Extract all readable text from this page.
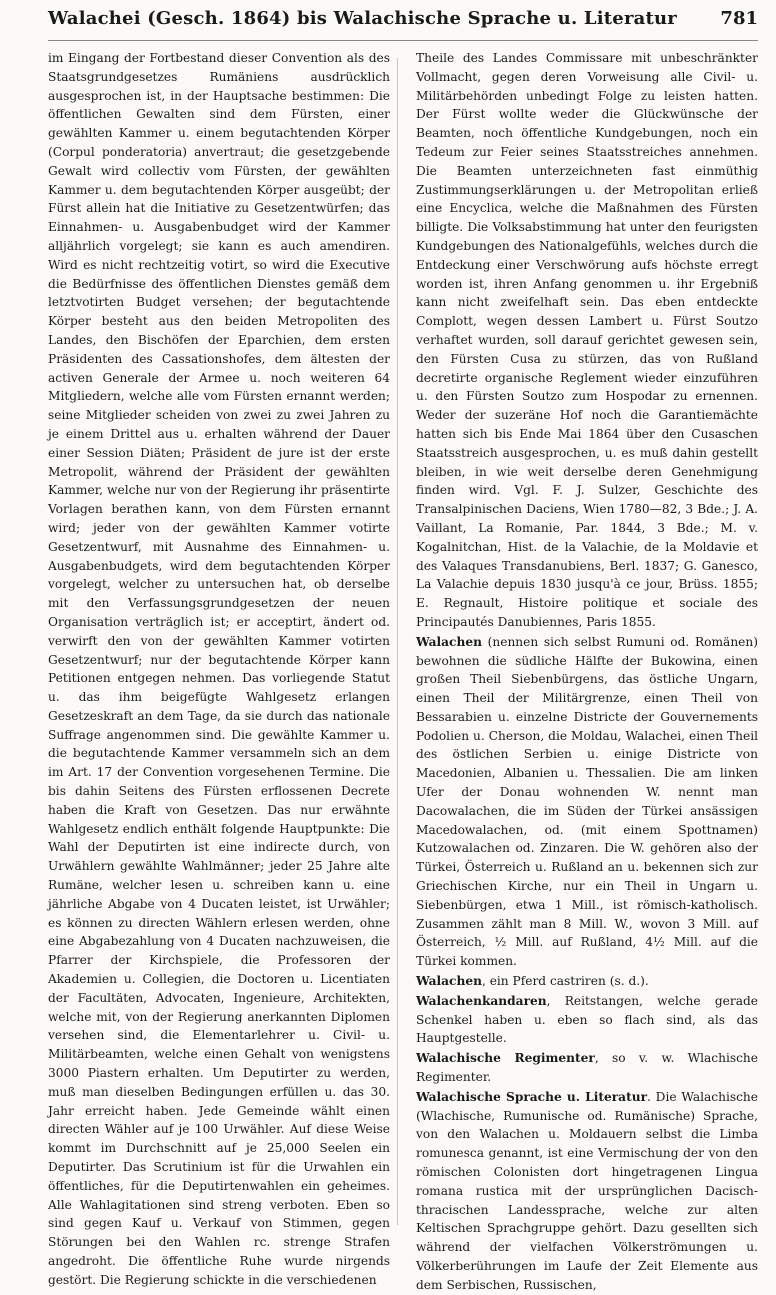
Walachei (Gesch. 1864) bis Walachische Sprache u. Literatur 781

im Eingang der Fortbestand dieser Convention als des Staatsgrundgesetzes Rumäniens ausdrücklich ausgesprochen ist, in der Hauptsache bestimmen: Die öffentlichen Gewalten sind dem Fürsten, einer gewählten Kammer u. einem begutachtenden Körper (Corpul ponderatoria) anvertraut; die gesetzgebende Gewalt wird collectiv vom Fürsten, der gewählten Kammer u. dem begutachtenden Körper ausgeübt; der Fürst allein hat die Initiative zu Gesetzentwürfen; das Einnahmen- u. Ausgabenbudget wird der Kammer alljährlich vorgelegt; sie kann es auch amendiren. Wird es nicht rechtzeitig votirt, so wird die Executive die Bedürfnisse des öffentlichen Dienstes gemäß dem letztvotirten Budget versehen; der begutachtende Körper besteht aus den beiden Metropoliten des Landes, den Bischöfen der Eparchien, dem ersten Präsidenten des Cassationshofes, dem ältesten der activen Generale der Armee u. noch weiteren 64 Mitgliedern, welche alle vom Fürsten ernannt werden; seine Mitglieder scheiden von zwei zu zwei Jahren zu je einem Drittel aus u. erhalten während der Dauer einer Session Diäten; Präsident de jure ist der erste Metropolit, während der Präsident der gewählten Kammer, welche nur von der Regierung ihr präsentirte Vorlagen berathen kann, von dem Fürsten ernannt wird; jeder von der gewählten Kammer votirte Gesetzentwurf, mit Ausnahme des Einnahmen- u. Ausgabenbudgets, wird dem begutachtenden Körper vorgelegt, welcher zu untersuchen hat, ob derselbe mit den Verfassungsgrundgesetzen der neuen Organisation verträglich ist; er acceptirt, ändert od. verwirft den von der gewählten Kammer votirten Gesetzentwurf; nur der begutachtende Körper kann Petitionen entgegen nehmen. Das vorliegende Statut u. das ihm beigefügte Wahlgesetz erlangen Gesetzeskraft an dem Tage, da sie durch das nationale Suffrage angenommen sind. Die gewählte Kammer u. die begutachtende Kammer versammeln sich an dem im Art. 17 der Convention vorgesehenen Termine. Die bis dahin Seitens des Fürsten erflossenen Decrete haben die Kraft von Gesetzen. Das nur erwähnte Wahlgesetz endlich enthält folgende Hauptpunkte: Die Wahl der Deputirten ist eine indirecte durch, von Urwählern gewählte Wahlmänner; jeder 25 Jahre alte Rumäne, welcher lesen u. schreiben kann u. eine jährliche Abgabe von 4 Ducaten leistet, ist Urwähler; es können zu directen Wählern erlesen werden, ohne eine Abgabezahlung von 4 Ducaten nachzuweisen, die Pfarrer der Kirchspiele, die Professoren der Akademien u. Collegien, die Doctoren u. Licentiaten der Facultäten, Advocaten, Ingenieure, Architekten, welche mit, von der Regierung anerkannten Diplomen versehen sind, die Elementarlehrer u. Civil- u. Militärbeamten, welche einen Gehalt von wenigstens 3000 Piastern erhalten. Um Deputirter zu werden, muß man dieselben Bedingungen erfüllen u. das 30. Jahr erreicht haben. Jede Gemeinde wählt einen directen Wähler auf je 100 Urwähler. Auf diese Weise kommt im Durchschnitt auf je 25,000 Seelen ein Deputirter. Das Scrutinium ist für die Urwahlen ein öffentliches, für die Deputirtenwahlen ein geheimes. Alle Wahlagitationen sind streng verboten. Eben so sind gegen Kauf u. Verkauf von Stimmen, gegen Störungen bei den Wahlen rc. strenge Strafen angedroht. Die öffentliche Ruhe wurde nirgends gestört. Die Regierung schickte in die verschiedenen

Theile des Landes Commissare mit unbeschränkter Vollmacht, gegen deren Vorweisung alle Civil- u. Militärbehörden unbedingt Folge zu leisten hatten. Der Fürst wollte weder die Glückwünsche der Beamten, noch öffentliche Kundgebungen, noch ein Tedeum zur Feier seines Staatsstreiches annehmen. Die Beamten unterzeichneten fast einmüthig Zustimmungserklärungen u. der Metropolitan erließ eine Encyclica, welche die Maßnahmen des Fürsten billigte. Die Volksabstimmung hat unter den feurigsten Kundgebungen des Nationalgefühls, welches durch die Entdeckung einer Verschwörung aufs höchste erregt worden ist, ihren Anfang genommen u. ihr Ergebniß kann nicht zweifelhaft sein. Das eben entdeckte Complott, wegen dessen Lambert u. Fürst Soutzo verhaftet wurden, soll darauf gerichtet gewesen sein, den Fürsten Cusa zu stürzen, das von Rußland decretirte organische Reglement wieder einzuführen u. den Fürsten Soutzo zum Hospodar zu ernennen. Weder der suzeräne Hof noch die Garantiemächte hatten sich bis Ende Mai 1864 über den Cusaschen Staatsstreich ausgesprochen, u. es muß dahin gestellt bleiben, in wie weit derselbe deren Genehmigung finden wird. Vgl. F. J. Sulzer, Geschichte des Transalpinischen Daciens, Wien 1780—82, 3 Bde.; J. A. Vaillant, La Romanie, Par. 1844, 3 Bde.; M. v. Kogalnitchan, Hist. de la Valachie, de la Moldavie et des Valaques Transdanubiens, Berl. 1837; G. Ganesco, La Valachie depuis 1830 jusqu'à ce jour, Brüss. 1855; E. Regnault, Histoire politique et sociale des Principautés Danubiennes, Paris 1855.

Walachen (nennen sich selbst Rumuni od. Romänen) bewohnen die südliche Hälfte der Bukowina, einen großen Theil Siebenbürgens, das östliche Ungarn, einen Theil der Militärgrenze, einen Theil von Bessarabien u. einzelne Districte der Gouvernements Podolien u. Cherson, die Moldau, Walachei, einen Theil des östlichen Serbien u. einige Districte von Macedonien, Albanien u. Thessalien. Die am linken Ufer der Donau wohnenden W. nennt man Dacowalachen, die im Süden der Türkei ansässigen Macedowalachen, od. (mit einem Spottnamen) Kutzowalachen od. Zinzaren. Die W. gehören also der Türkei, Österreich u. Rußland an u. bekennen sich zur Griechischen Kirche, nur ein Theil in Ungarn u. Siebenbürgen, etwa 1 Mill., ist römisch-katholisch. Zusammen zählt man 8 Mill. W., wovon 3 Mill. auf Österreich, ½ Mill. auf Rußland, 4½ Mill. auf die Türkei kommen.

Walachen, ein Pferd castriren (s. d.).

Walachenkandaren, Reitstangen, welche gerade Schenkel haben u. eben so flach sind, als das Hauptgestelle.

Walachische Regimenter, so v. w. Wlachische Regimenter.

Walachische Sprache u. Literatur. Die Walachische (Wlachische, Rumunische od. Rumänische) Sprache, von den Walachen u. Moldauern selbst die Limba romunesca genannt, ist eine Vermischung der von den römischen Colonisten dort hingetragenen Lingua romana rustica mit der ursprünglichen Dacisch-thracischen Landessprache, welche zur alten Keltischen Sprachgruppe gehört. Dazu gesellten sich während der vielfachen Völkerströmungen u. Völkerberührungen im Laufe der Zeit Elemente aus dem Serbischen, Russischen,
